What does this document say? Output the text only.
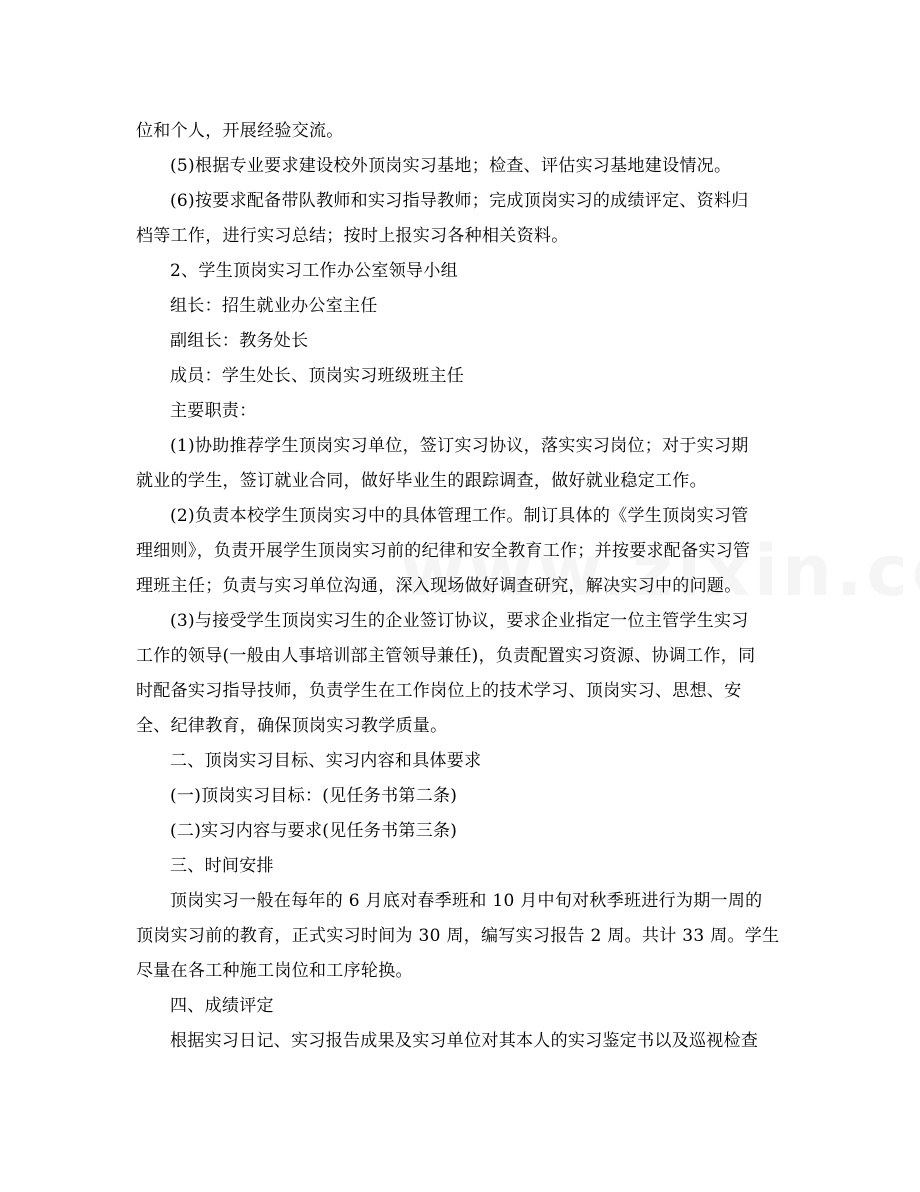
位和个人，开展经验交流。

(5)根据专业要求建设校外顶岗实习基地；检查、评估实习基地建设情况。

(6)按要求配备带队教师和实习指导教师；完成顶岗实习的成绩评定、资料归

档等工作，进行实习总结；按时上报实习各种相关资料。

2、学生顶岗实习工作办公室领导小组

组长：招生就业办公室主任

副组长：教务处长

成员：学生处长、顶岗实习班级班主任

主要职责：

(1)协助推荐学生顶岗实习单位，签订实习协议，落实实习岗位；对于实习期

就业的学生，签订就业合同，做好毕业生的跟踪调查，做好就业稳定工作。

(2)负责本校学生顶岗实习中的具体管理工作。制订具体的《学生顶岗实习管

理细则》，负责开展学生顶岗实习前的纪律和安全教育工作；并按要求配备实习管

理班主任；负责与实习单位沟通，深入现场做好调查研究，解决实习中的问题。

(3)与接受学生顶岗实习生的企业签订协议，要求企业指定一位主管学生实习

工作的领导(一般由人事培训部主管领导兼任)，负责配置实习资源、协调工作，同

时配备实习指导技师，负责学生在工作岗位上的技术学习、顶岗实习、思想、安

全、纪律教育，确保顶岗实习教学质量。

二、顶岗实习目标、实习内容和具体要求

(一)顶岗实习目标：(见任务书第二条)

(二)实习内容与要求(见任务书第三条)

三、时间安排

顶岗实习一般在每年的 6 月底对春季班和 10 月中旬对秋季班进行为期一周的

顶岗实习前的教育，正式实习时间为 30 周，编写实习报告 2 周。共计 33 周。学生

尽量在各工种施工岗位和工序轮换。

四、成绩评定

根据实习日记、实习报告成果及实习单位对其本人的实习鉴定书以及巡视检查
